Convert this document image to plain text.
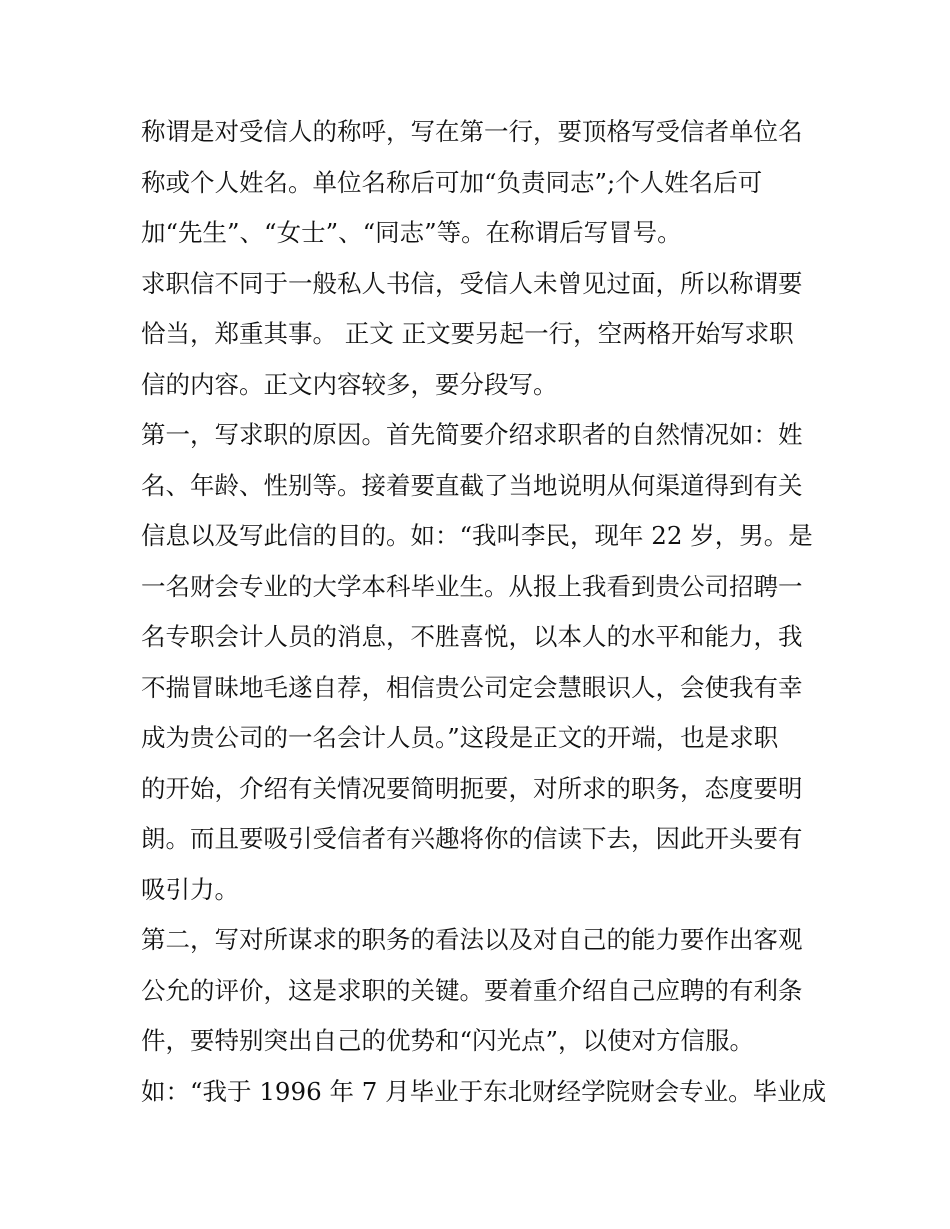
称谓是对受信人的称呼，写在第一行，要顶格写受信者单位名
称或个人姓名。单位名称后可加“负责同志”;个人姓名后可
加“先生”、“女士”、“同志”等。在称谓后写冒号。
求职信不同于一般私人书信，受信人未曾见过面，所以称谓要
恰当，郑重其事。 正文 正文要另起一行，空两格开始写求职
信的内容。正文内容较多，要分段写。
第一，写求职的原因。首先简要介绍求职者的自然情况如：姓
名、年龄、性别等。接着要直截了当地说明从何渠道得到有关
信息以及写此信的目的。如：“我叫李民，现年 22 岁，男。是
一名财会专业的大学本科毕业生。从报上我看到贵公司招聘一
名专职会计人员的消息，不胜喜悦，以本人的水平和能力，我
不揣冒昧地毛遂自荐，相信贵公司定会慧眼识人，会使我有幸
成为贵公司的一名会计人员。”这段是正文的开端，也是求职
的开始，介绍有关情况要简明扼要，对所求的职务，态度要明
朗。而且要吸引受信者有兴趣将你的信读下去，因此开头要有
吸引力。
第二，写对所谋求的职务的看法以及对自己的能力要作出客观
公允的评价，这是求职的关键。要着重介绍自己应聘的有利条
件，要特别突出自己的优势和“闪光点”，以使对方信服。
如：“我于 1996 年 7 月毕业于东北财经学院财会专业。毕业成
